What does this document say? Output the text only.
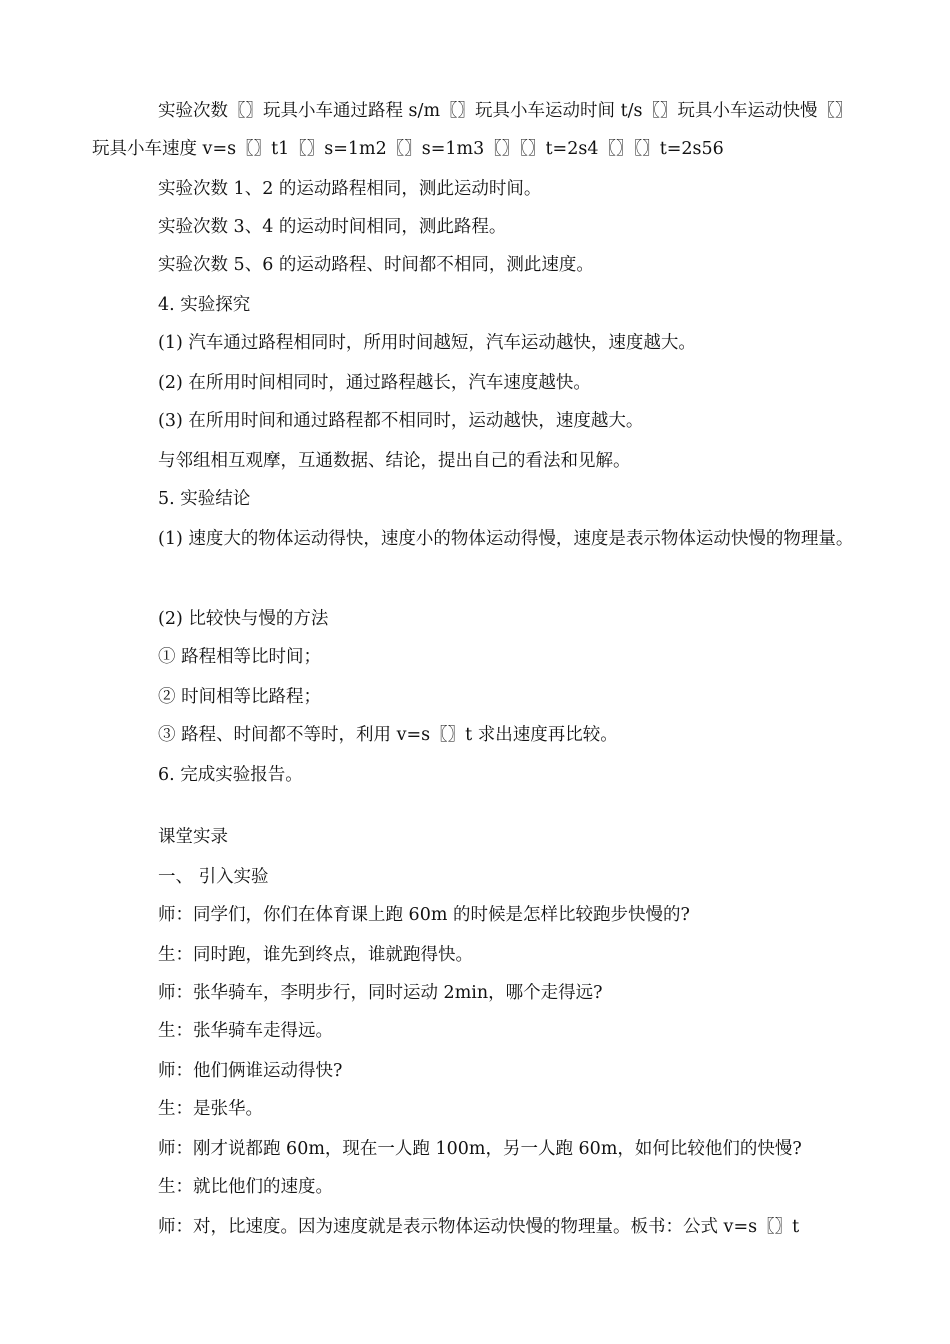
实验次数〖〗玩具小车通过路程 s/m〖〗玩具小车运动时间 t/s〖〗玩具小车运动快慢〖〗玩具小车速度 v=s〖〗t1〖〗s=1m2〖〗s=1m3〖〗〖〗t=2s4〖〗〖〗t=2s56

实验次数 1、2 的运动路程相同，测此运动时间。

实验次数 3、4 的运动时间相同，测此路程。

实验次数 5、6 的运动路程、时间都不相同，测此速度。

4. 实验探究

(1) 汽车通过路程相同时，所用时间越短，汽车运动越快，速度越大。

(2) 在所用时间相同时，通过路程越长，汽车速度越快。

(3) 在所用时间和通过路程都不相同时，运动越快，速度越大。

与邻组相互观摩，互通数据、结论，提出自己的看法和见解。

5. 实验结论

(1) 速度大的物体运动得快，速度小的物体运动得慢，速度是表示物体运动快慢的物理量。

(2) 比较快与慢的方法

① 路程相等比时间；

② 时间相等比路程；

③ 路程、时间都不等时，利用 v=s〖〗t 求出速度再比较。

6. 完成实验报告。

课堂实录

一、 引入实验

师：同学们，你们在体育课上跑 60m 的时候是怎样比较跑步快慢的?

生：同时跑，谁先到终点，谁就跑得快。

师：张华骑车，李明步行，同时运动 2min，哪个走得远?

生：张华骑车走得远。

师：他们俩谁运动得快?

生：是张华。

师：刚才说都跑 60m，现在一人跑 100m，另一人跑 60m，如何比较他们的快慢?

生：就比他们的速度。

师：对，比速度。因为速度就是表示物体运动快慢的物理量。板书：公式 v=s〖〗t
